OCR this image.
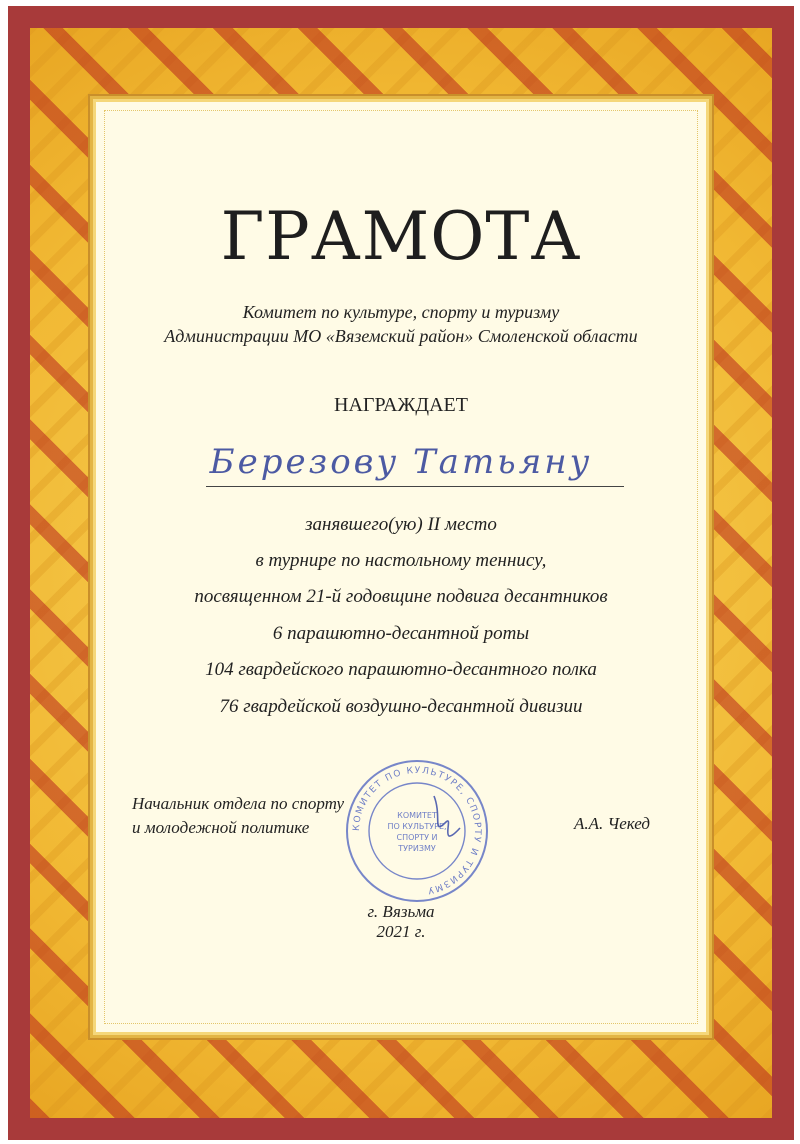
ГРАМОТА
Комитет по культуре, спорту и туризму
Администрации МО «Вяземский район» Смоленской области
НАГРАЖДАЕТ
Березову Татьяну
занявшего(ую) II место
в турнире по настольному теннису,
посвященном 21-й годовщине подвига десантников
6 парашютно-десантной роты
104 гвардейского парашютно-десантного полка
76 гвардейской воздушно-десантной дивизии
Начальник отдела по спорту
и молодежной политике	КОМИТЕТ ПО КУЛЬТУРЕ, СПОРТУ И ТУРИЗМУ
КОМИТЕТ
ПО КУЛЬТУРЕ,
СПОРТУ И
ТУРИЗМУ
А.А. Чекед
г. Вязьма
2021 г.
